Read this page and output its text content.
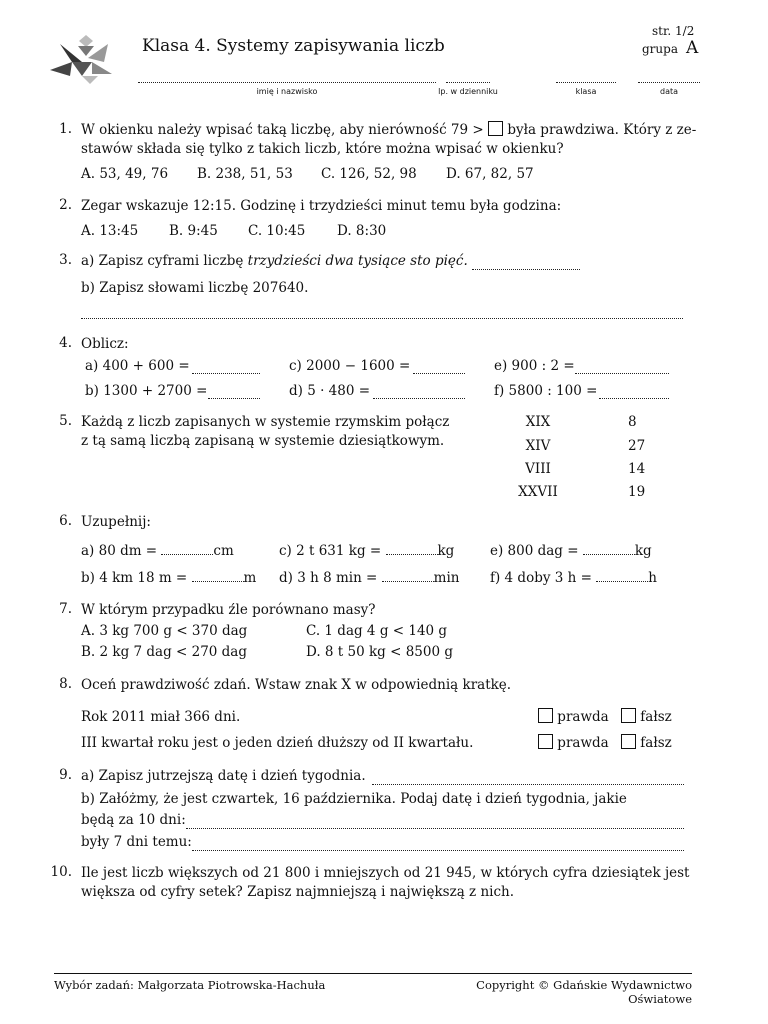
Klasa 4. Systemy zapisywania liczb
str. 1/2
grupa A
imię i nazwisko	lp. w dzienniku	klasa	data
1. W okienku należy wpisać taką liczbę, aby nierówność 79 > była prawdziwa. Który z ze-
stawów składa się tylko z takich liczb, które można wpisać w okienku?
A. 53, 49, 76 B. 238, 51, 53 C. 126, 52, 98 D. 67, 82, 57
2. Zegar wskazuje 12:15. Godzinę i trzydzieści minut temu była godzina:
A. 13:45 B. 9:45 C. 10:45 D. 8:30
3. a) Zapisz cyframi liczbę trzydzieści dwa tysiące sto pięć.
b) Zapisz słowami liczbę 207640.
4. Oblicz:
a) 400 + 600 =	c) 2000 − 1600 =	e) 900 : 2 =
b) 1300 + 2700 =	d) 5 · 480 =	f) 5800 : 100 =
5. Każdą z liczb zapisanych w systemie rzymskim połącz
z tą samą liczbą zapisaną w systemie dziesiątkowym.
XIX
XIV
VIII
XXVII
8
27
14
19
6. Uzupełnij:
a) 80 dm =	cm	c) 2 t 631 kg =	kg	e) 800 dag =	kg
b) 4 km 18 m =	m d) 3 h 8 min =	min f) 4 doby 3 h =	h
7. W którym przypadku źle porównano masy?
A. 3 kg 700 g < 370 dag	C. 1 dag 4 g < 140 g
B. 2 kg 7 dag < 270 dag	D. 8 t 50 kg < 8500 g
8. Oceń prawdziwość zdań. Wstaw znak X w odpowiednią kratkę.
Rok 2011 miał 366 dni.
III kwartał roku jest o jeden dzień dłuższy od II kwartału.
prawda fałsz
prawda fałsz
9. a) Zapisz jutrzejszą datę i dzień tygodnia.
b) Załóżmy, że jest czwartek, 16 października. Podaj datę i dzień tygodnia, jakie
będą za 10 dni:
były 7 dni temu:
10. Ile jest liczb większych od 21 800 i mniejszych od 21 945, w których cyfra dziesiątek jest
większa od cyfry setek? Zapisz najmniejszą i największą z nich.
Wybór zadań: Małgorzata Piotrowska-Hachuła	Copyright © Gdańskie Wydawnictwo Oświatowe
